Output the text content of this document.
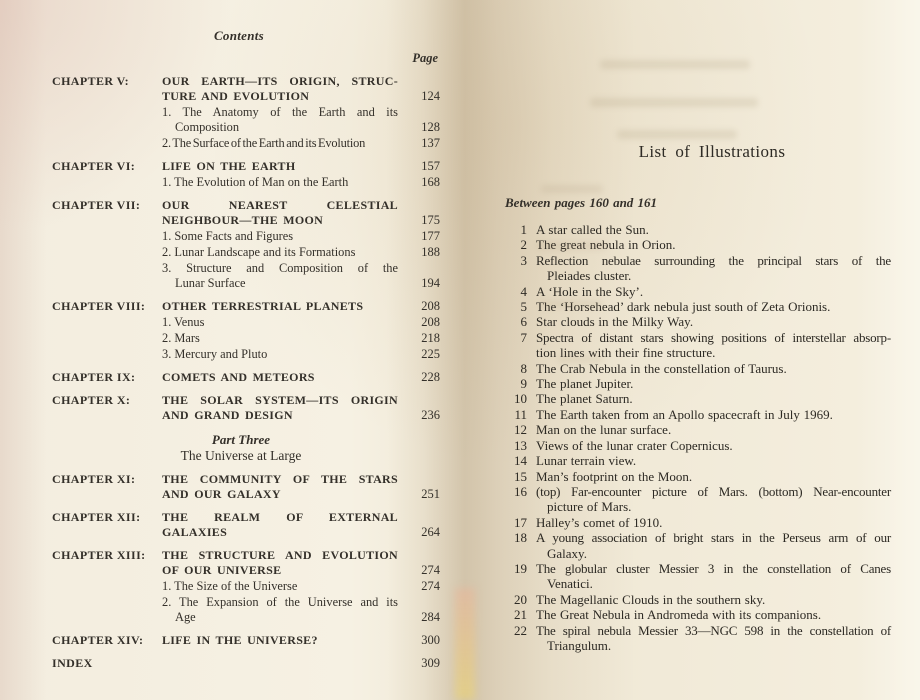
Contents
Page
CHAPTER V:	OUR EARTH—ITS ORIGIN, STRUC-
TURE AND EVOLUTION	124
1. The Anatomy of the Earth and its
Composition	128
2. The Surface of the Earth and its Evolution	137
CHAPTER VI:	LIFE ON THE EARTH	157
1. The Evolution of Man on the Earth	168
CHAPTER VII:	OUR NEAREST CELESTIAL
NEIGHBOUR—THE MOON	175
1. Some Facts and Figures	177
2. Lunar Landscape and its Formations	188
3. Structure and Composition of the
Lunar Surface	194
CHAPTER VIII:	OTHER TERRESTRIAL PLANETS	208
1. Venus	208
2. Mars	218
3. Mercury and Pluto	225
CHAPTER IX:	COMETS AND METEORS	228
CHAPTER X:	THE SOLAR SYSTEM—ITS ORIGIN
AND GRAND DESIGN	236
Part Three
The Universe at Large
CHAPTER XI:	THE COMMUNITY OF THE STARS
AND OUR GALAXY	251
CHAPTER XII:	THE REALM OF EXTERNAL
GALAXIES	264
CHAPTER XIII:	THE STRUCTURE AND EVOLUTION
OF OUR UNIVERSE	274
1. The Size of the Universe	274
2. The Expansion of the Universe and its
Age	284
CHAPTER XIV:	LIFE IN THE UNIVERSE?	300
INDEX	309
List of Illustrations
Between pages 160 and 161
1 A star called the Sun.
2 The great nebula in Orion.
3 Reflection nebulae surrounding the principal stars of the
Pleiades cluster.
4 A ‘Hole in the Sky’.
5 The ‘Horsehead’ dark nebula just south of Zeta Orionis.
6 Star clouds in the Milky Way.
7 Spectra of distant stars showing positions of interstellar absorp-
tion lines with their fine structure.
8 The Crab Nebula in the constellation of Taurus.
9 The planet Jupiter.
10 The planet Saturn.
11 The Earth taken from an Apollo spacecraft in July 1969.
12 Man on the lunar surface.
13 Views of the lunar crater Copernicus.
14 Lunar terrain view.
15 Man’s footprint on the Moon.
16 (top) Far-encounter picture of Mars. (bottom) Near-encounter
picture of Mars.
17 Halley’s comet of 1910.
18 A young association of bright stars in the Perseus arm of our
Galaxy.
19 The globular cluster Messier 3 in the constellation of Canes
Venatici.
20 The Magellanic Clouds in the southern sky.
21 The Great Nebula in Andromeda with its companions.
22 The spiral nebula Messier 33—NGC 598 in the constellation of
Triangulum.
